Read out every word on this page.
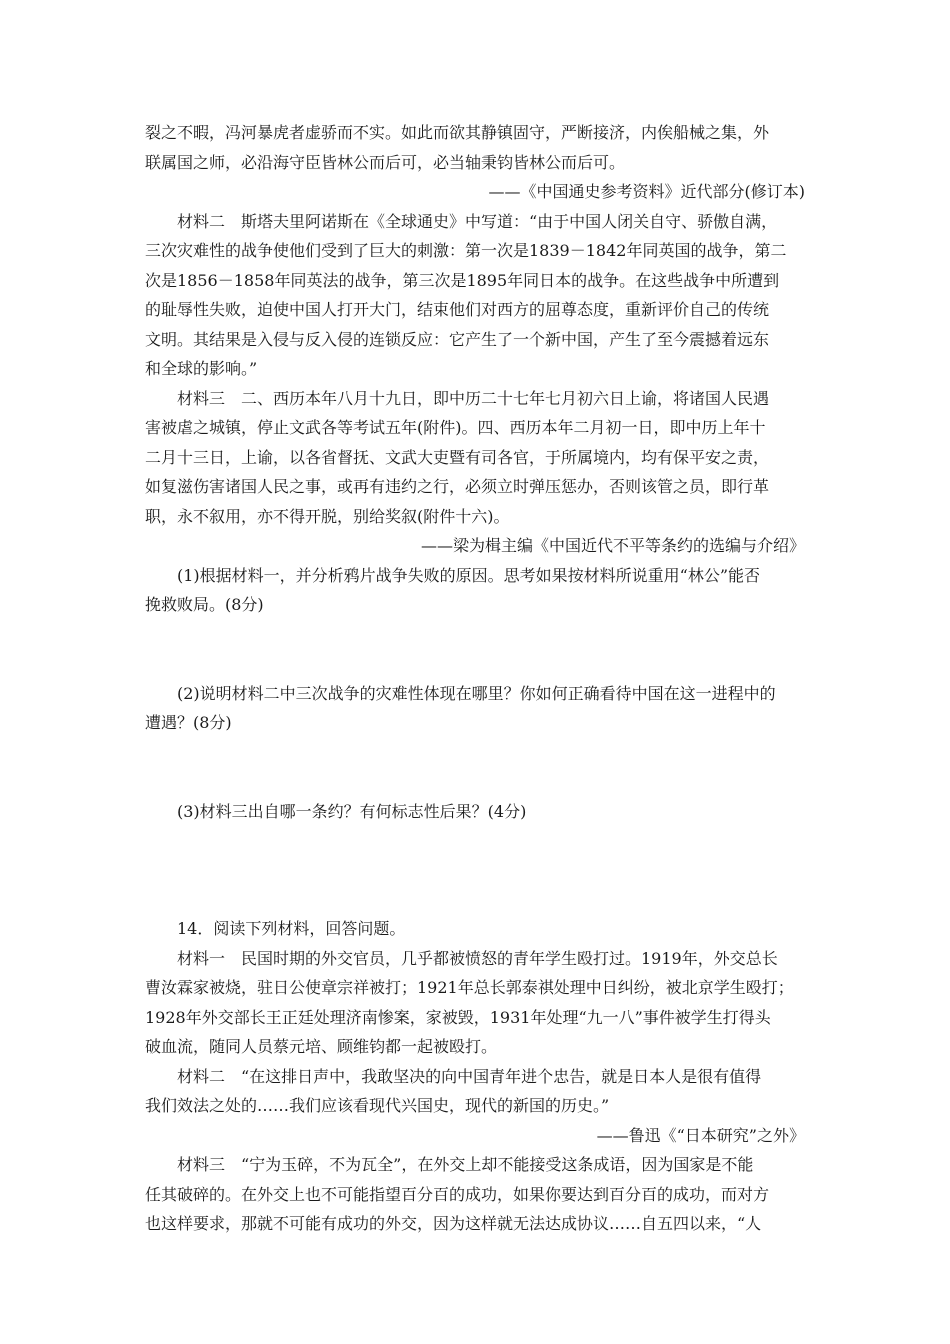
裂之不暇，冯河暴虎者虚骄而不实。如此而欲其静镇固守，严断接济，内俟船械之集，外
联属国之师，必沿海守臣皆林公而后可，必当轴秉钧皆林公而后可。
——《中国通史参考资料》近代部分(修订本)
材料二　斯塔夫里阿诺斯在《全球通史》中写道：“由于中国人闭关自守、骄傲自满，
三次灾难性的战争使他们受到了巨大的刺激：第一次是1839－1842年同英国的战争，第二
次是1856－1858年同英法的战争，第三次是1895年同日本的战争。在这些战争中所遭到
的耻辱性失败，迫使中国人打开大门，结束他们对西方的屈尊态度，重新评价自己的传统
文明。其结果是入侵与反入侵的连锁反应：它产生了一个新中国，产生了至今震撼着远东
和全球的影响。”
材料三　二、西历本年八月十九日，即中历二十七年七月初六日上谕，将诸国人民遇
害被虐之城镇，停止文武各等考试五年(附件)。四、西历本年二月初一日，即中历上年十
二月十三日，上谕，以各省督抚、文武大吏暨有司各官，于所属境内，均有保平安之责，
如复滋伤害诸国人民之事，或再有违约之行，必须立时弹压惩办，否则该管之员，即行革
职，永不叙用，亦不得开脱，别给奖叙(附件十六)。
——梁为楫主编《中国近代不平等条约的选编与介绍》
(1)根据材料一，并分析鸦片战争失败的原因。思考如果按材料所说重用“林公”能否
挽救败局。(8分)
(2)说明材料二中三次战争的灾难性体现在哪里？你如何正确看待中国在这一进程中的
遭遇？(8分)
(3)材料三出自哪一条约？有何标志性后果？(4分)
14．阅读下列材料，回答问题。
材料一　民国时期的外交官员，几乎都被愤怒的青年学生殴打过。1919年，外交总长
曹汝霖家被烧，驻日公使章宗祥被打；1921年总长郭泰祺处理中日纠纷，被北京学生殴打；
1928年外交部长王正廷处理济南惨案，家被毁，1931年处理“九一八”事件被学生打得头
破血流，随同人员蔡元培、顾维钧都一起被殴打。
材料二　“在这排日声中，我敢坚决的向中国青年进个忠告，就是日本人是很有值得
我们效法之处的……我们应该看现代兴国史，现代的新国的历史。”
——鲁迅《“日本研究”之外》
材料三　“宁为玉碎，不为瓦全”，在外交上却不能接受这条成语，因为国家是不能
任其破碎的。在外交上也不可能指望百分百的成功，如果你要达到百分百的成功，而对方
也这样要求，那就不可能有成功的外交，因为这样就无法达成协议……自五四以来，“人
